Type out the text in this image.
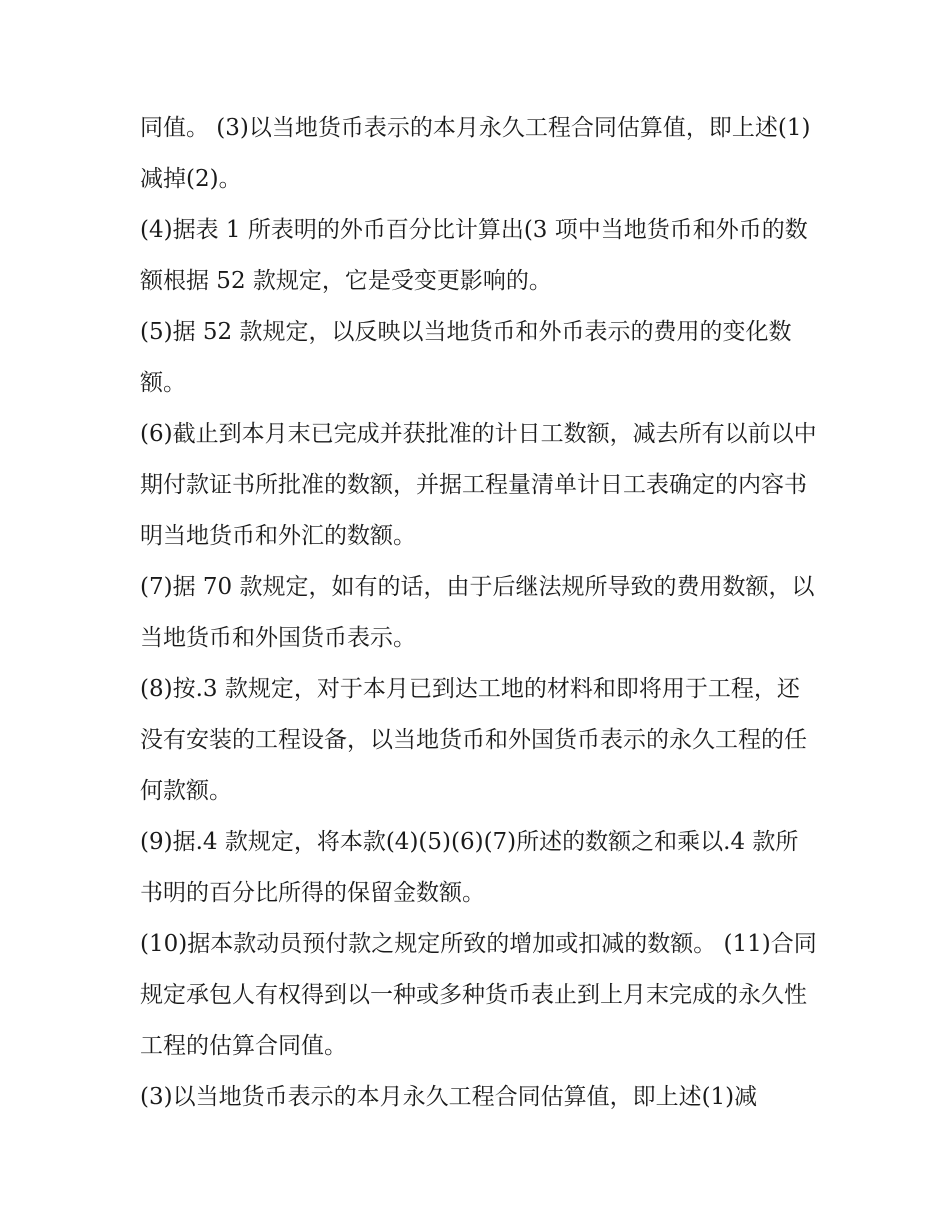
同值。 (3)以当地货币表示的本月永久工程合同估算值，即上述(1)减掉(2)。

(4)据表 1 所表明的外币百分比计算出(3 项中当地货币和外币的数额根据 52 款规定，它是受变更影响的。

(5)据 52 款规定，以反映以当地货币和外币表示的费用的变化数额。

(6)截止到本月末已完成并获批准的计日工数额，减去所有以前以中期付款证书所批准的数额，并据工程量清单计日工表确定的内容书明当地货币和外汇的数额。

(7)据 70 款规定，如有的话，由于后继法规所导致的费用数额，以当地货币和外国货币表示。

(8)按.3 款规定，对于本月已到达工地的材料和即将用于工程，还没有安装的工程设备，以当地货币和外国货币表示的永久工程的任何款额。

(9)据.4 款规定，将本款(4)(5)(6)(7)所述的数额之和乘以.4 款所书明的百分比所得的保留金数额。

(10)据本款动员预付款之规定所致的增加或扣减的数额。 (11)合同规定承包人有权得到以一种或多种货币表止到上月末完成的永久性工程的估算合同值。

(3)以当地货币表示的本月永久工程合同估算值，即上述(1)减
